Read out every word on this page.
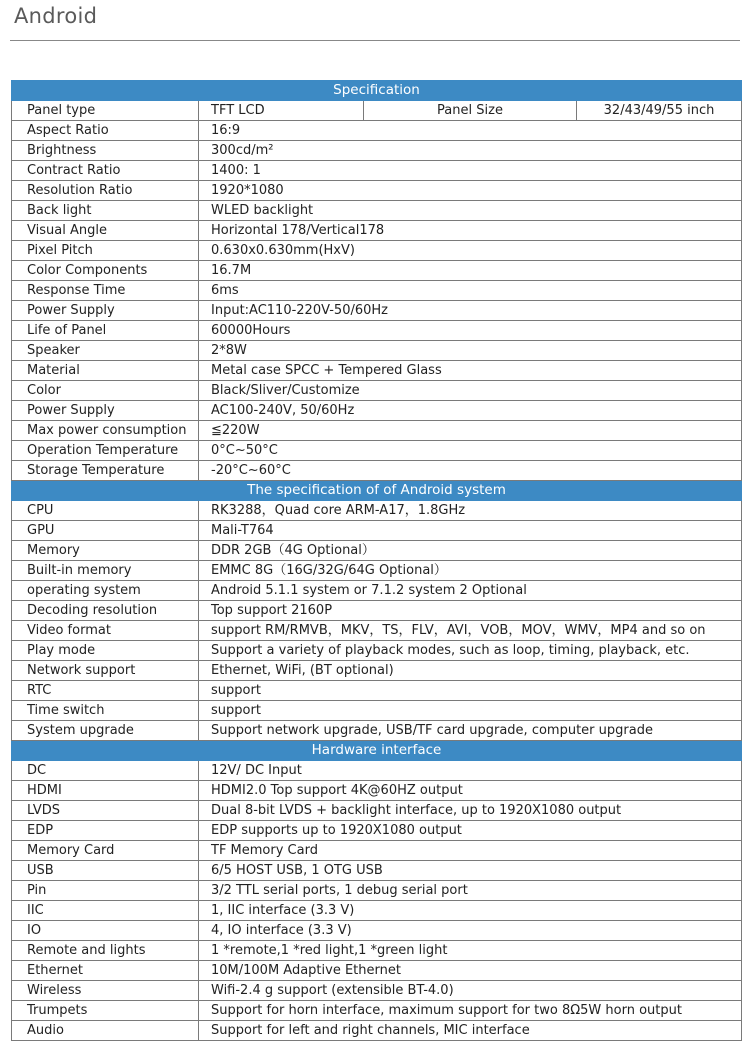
Android
Specification			
Panel type	TFT LCD	Panel Size	32/43/49/55 inch
Aspect Ratio	16:9		
Brightness	300cd/m²		
Contract Ratio	1400: 1		
Resolution Ratio	1920*1080		
Back light	WLED backlight		
Visual Angle	Horizontal 178/Vertical178		
Pixel Pitch	0.630x0.630mm(HxV)		
Color Components	16.7M		
Response Time	6ms		
Power Supply	Input:AC110-220V-50/60Hz		
Life of Panel	60000Hours		
Speaker	2*8W		
Material	Metal case SPCC + Tempered Glass		
Color	Black/Sliver/Customize		
Power Supply	AC100-240V, 50/60Hz		
Max power consumption	≦220W		
Operation Temperature	0°C~50°C		
Storage Temperature	-20°C~60°C		
The specification of of Android system			
CPU	RK3288，Quad core ARM-A17，1.8GHz		
GPU	Mali-T764		
Memory	DDR 2GB（4G Optional）		
Built-in memory	EMMC 8G（16G/32G/64G Optional）		
operating system	Android 5.1.1 system or 7.1.2 system 2 Optional		
Decoding resolution	Top support 2160P		
Video format	support RM/RMVB，MKV，TS，FLV，AVI，VOB，MOV，WMV，MP4 and so on		
Play mode	Support a variety of playback modes, such as loop, timing, playback, etc.		
Network support	Ethernet, WiFi, (BT optional)		
RTC	support		
Time switch	support		
System upgrade	Support network upgrade, USB/TF card upgrade, computer upgrade		
Hardware interface			
DC	12V/ DC Input		
HDMI	HDMI2.0 Top support 4K@60HZ output		
LVDS	Dual 8-bit LVDS + backlight interface, up to 1920X1080 output		
EDP	EDP supports up to 1920X1080 output		
Memory Card	TF Memory Card		
USB	6/5 HOST USB, 1 OTG USB		
Pin	3/2 TTL serial ports, 1 debug serial port		
IIC	1, IIC interface (3.3 V)		
IO	4, IO interface (3.3 V)		
Remote and lights	1 *remote,1 *red light,1 *green light		
Ethernet	10M/100M Adaptive Ethernet		
Wireless	Wifi-2.4 g support (extensible BT-4.0)		
Trumpets	Support for horn interface, maximum support for two 8Ω5W horn output		
Audio	Support for left and right channels, MIC interface		
